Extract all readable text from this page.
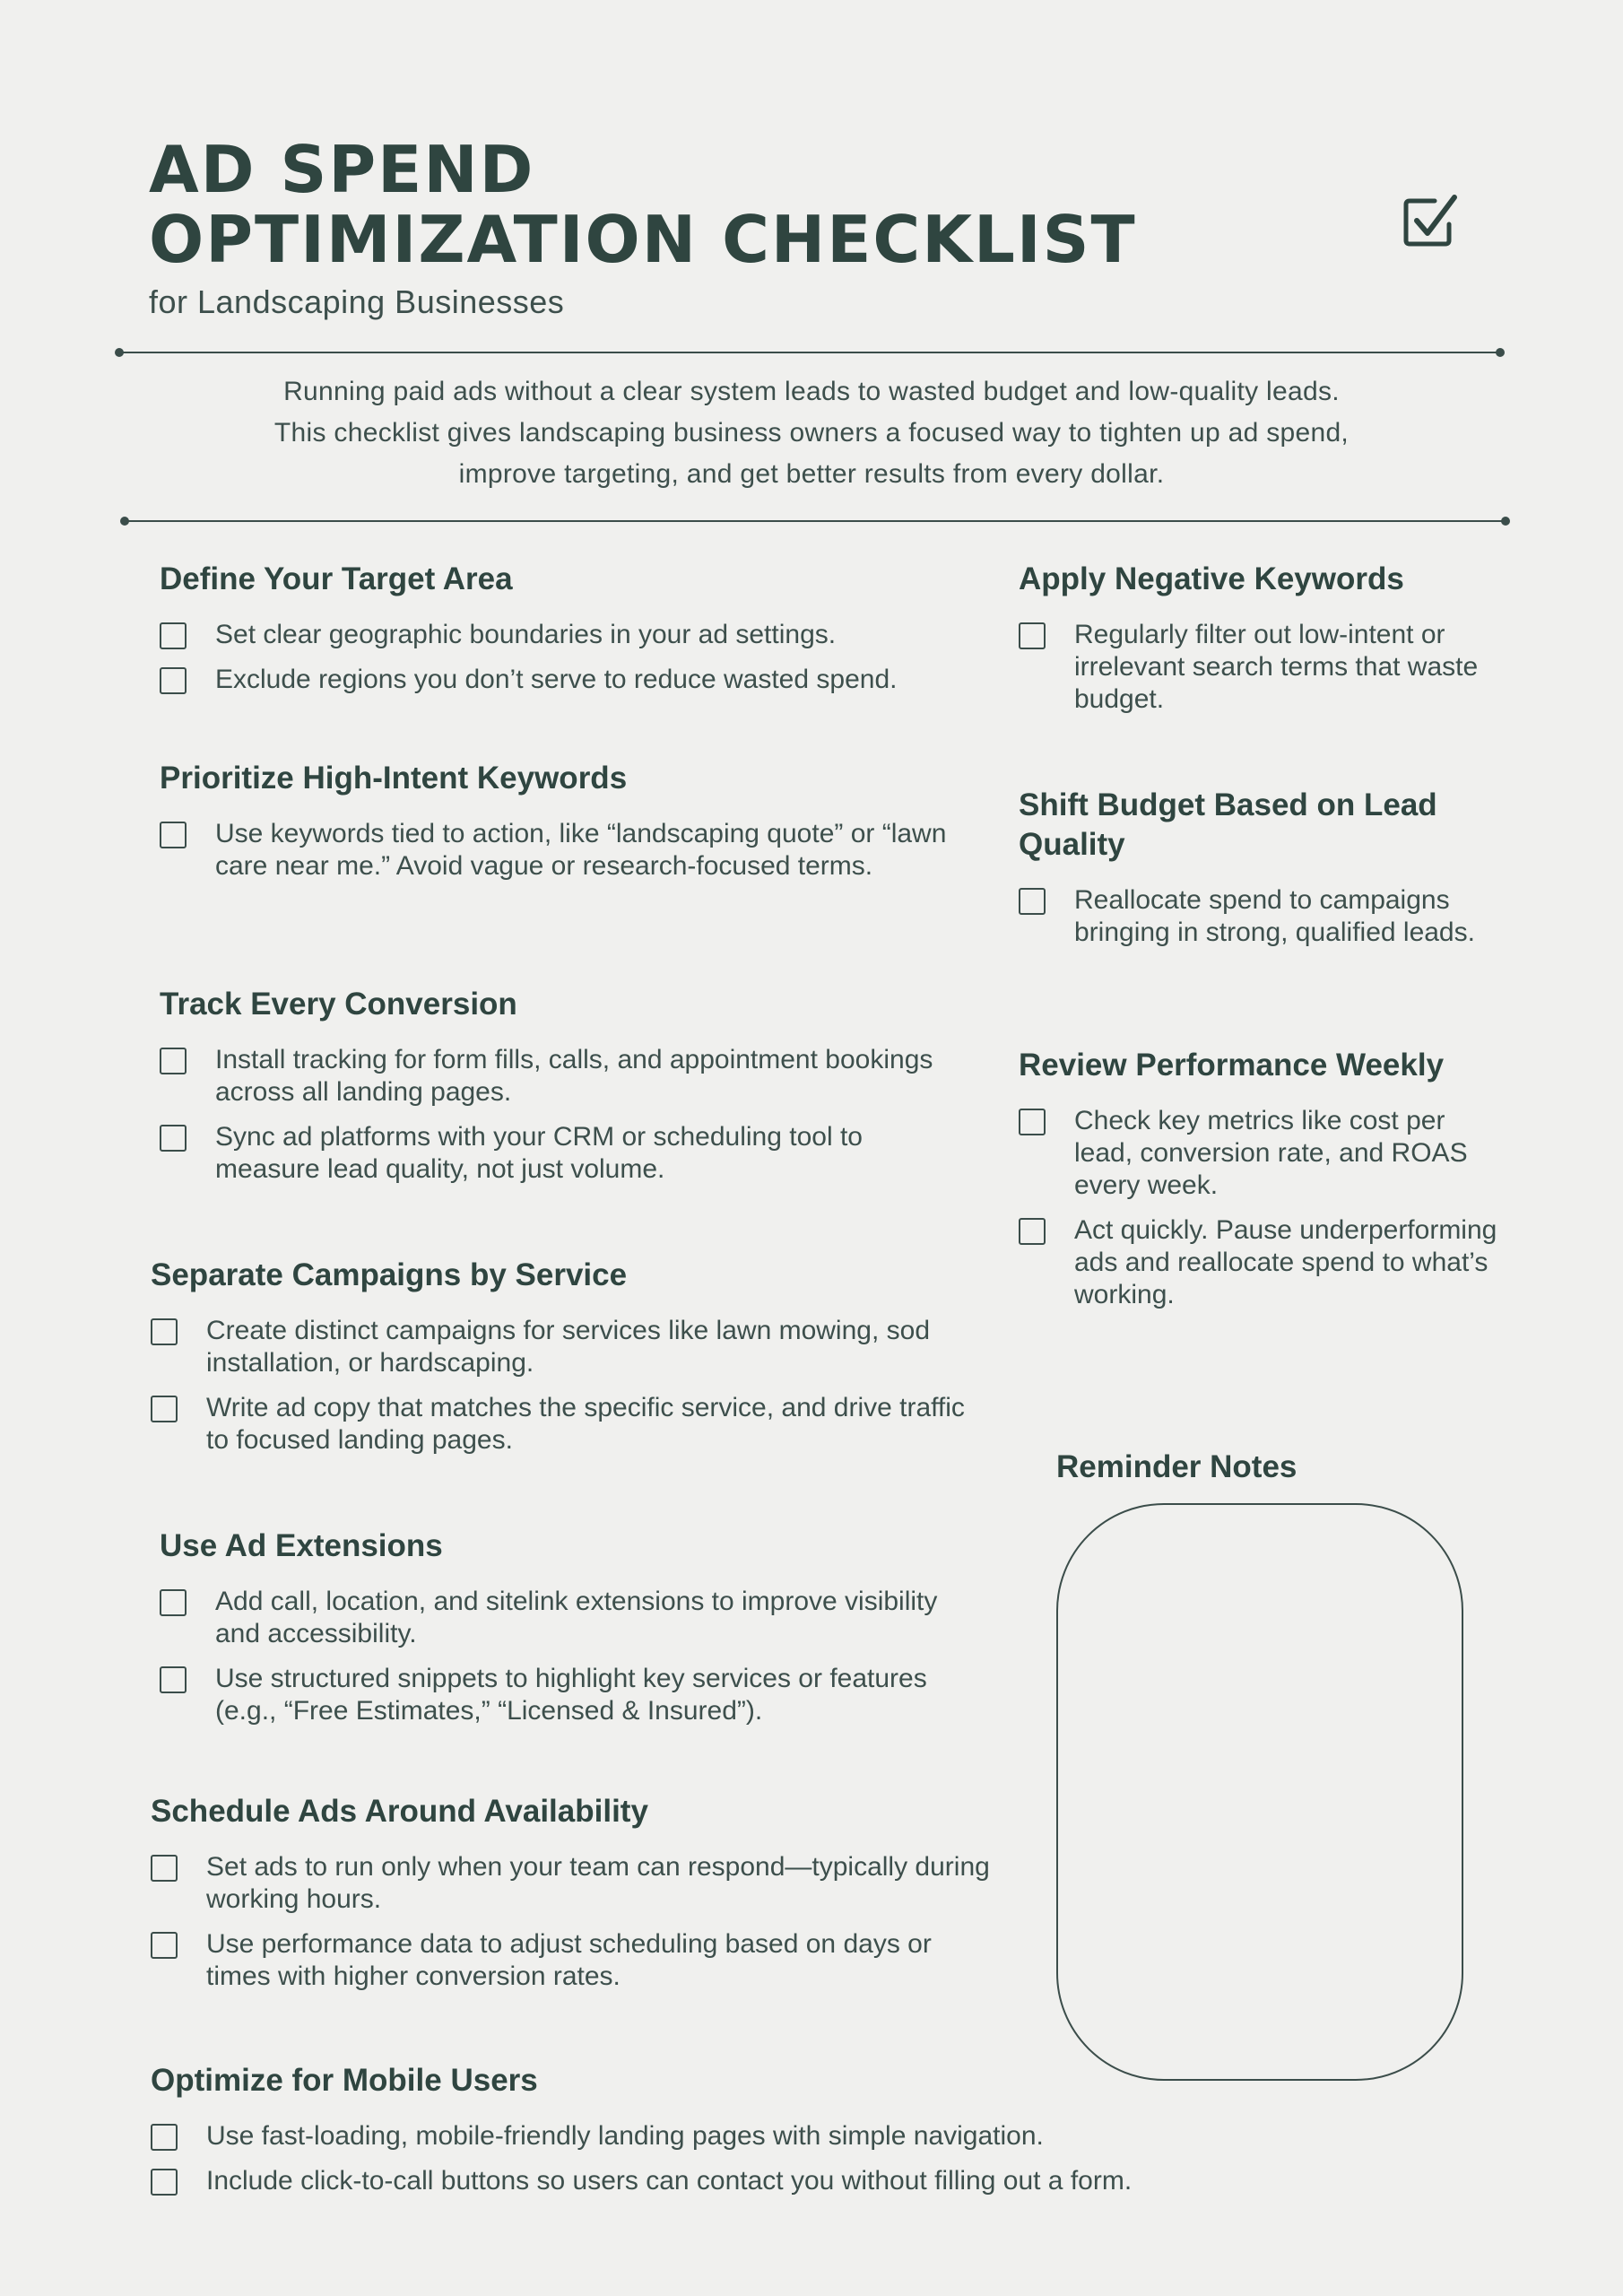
AD SPEND
OPTIMIZATION CHECKLIST
for Landscaping Businesses

Running paid ads without a clear system leads to wasted budget and low-quality leads.

This checklist gives landscaping business owners a focused way to tighten up ad spend,

improve targeting, and get better results from every dollar.

Define Your Target Area
Set clear geographic boundaries in your ad settings.
Exclude regions you don’t serve to reduce wasted spend.
Prioritize High-Intent Keywords
Use keywords tied to action, like “landscaping quote” or “lawn care near me.” Avoid vague or research-focused terms.
Track Every Conversion
Install tracking for form fills, calls, and appointment bookings across all landing pages.
Sync ad platforms with your CRM or scheduling tool to measure lead quality, not just volume.
Separate Campaigns by Service
Create distinct campaigns for services like lawn mowing, sod installation, or hardscaping.
Write ad copy that matches the specific service, and drive traffic to focused landing pages.
Use Ad Extensions
Add call, location, and sitelink extensions to improve visibility and accessibility.
Use structured snippets to highlight key services or features (e.g., “Free Estimates,” “Licensed & Insured”).
Schedule Ads Around Availability
Set ads to run only when your team can respond—typically during working hours.
Use performance data to adjust scheduling based on days or times with higher conversion rates.
Optimize for Mobile Users
Use fast-loading, mobile-friendly landing pages with simple navigation.
Include click-to-call buttons so users can contact you without filling out a form.
Apply Negative Keywords
Regularly filter out low-intent or irrelevant search terms that waste budget.
Shift Budget Based on Lead Quality
Reallocate spend to campaigns bringing in strong, qualified leads.
Review Performance Weekly
Check key metrics like cost per lead, conversion rate, and ROAS every week.
Act quickly. Pause underperforming ads and reallocate spend to what’s working.
Reminder Notes
